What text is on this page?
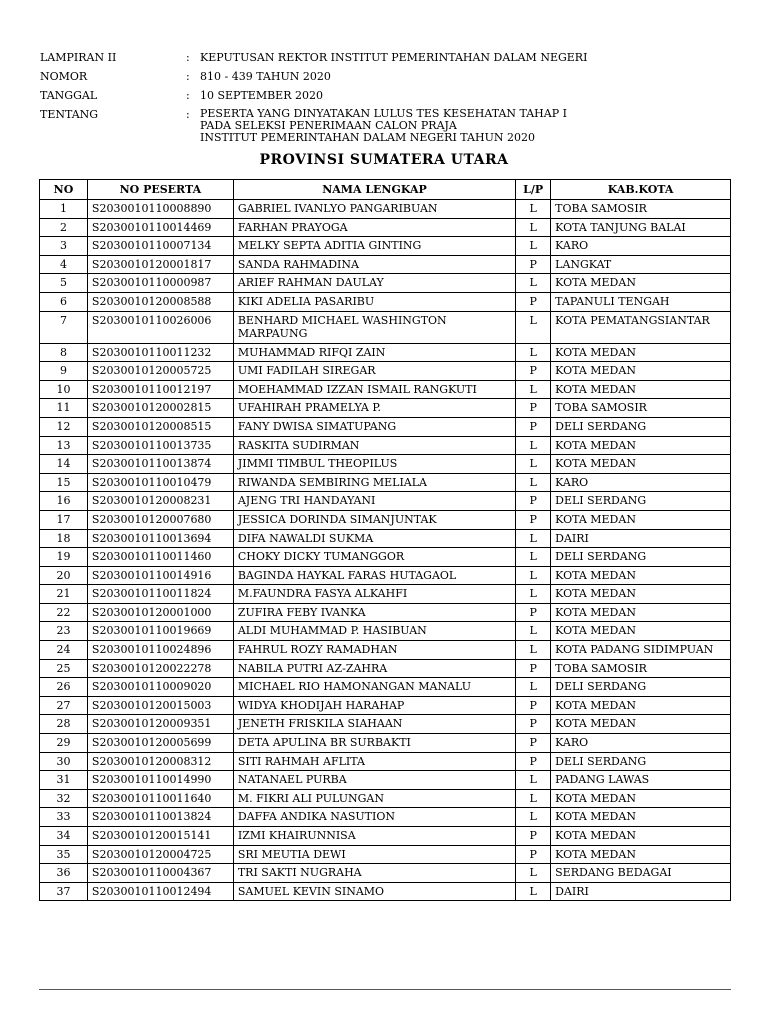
LAMPIRAN II	: KEPUTUSAN REKTOR INSTITUT PEMERINTAHAN DALAM NEGERI
NOMOR	: 810 - 439 TAHUN 2020
TANGGAL	: 10 SEPTEMBER 2020
TENTANG	: PESERTA YANG DINYATAKAN LULUS TES KESEHATAN TAHAP I
PADA SELEKSI PENERIMAAN CALON PRAJA
INSTITUT PEMERINTAHAN DALAM NEGERI TAHUN 2020
PROVINSI SUMATERA UTARA
NO	NO PESERTA	NAMA LENGKAP	L/P	KAB.KOTA
1	S2030010110008890	GABRIEL IVANLYO PANGARIBUAN	L	TOBA SAMOSIR
2	S2030010110014469	FARHAN PRAYOGA	L	KOTA TANJUNG BALAI
3	S2030010110007134	MELKY SEPTA ADITIA GINTING	L	KARO
4	S2030010120001817	SANDA RAHMADINA	P	LANGKAT
5	S2030010110000987	ARIEF RAHMAN DAULAY	L	KOTA MEDAN
6	S2030010120008588	KIKI ADELIA PASARIBU	P	TAPANULI TENGAH
7	S2030010110026006	BENHARD MICHAEL WASHINGTON MARPAUNG	L	KOTA PEMATANGSIANTAR
8	S2030010110011232	MUHAMMAD RIFQI ZAIN	L	KOTA MEDAN
9	S2030010120005725	UMI FADILAH SIREGAR	P	KOTA MEDAN
10	S2030010110012197	MOEHAMMAD IZZAN ISMAIL RANGKUTI	L	KOTA MEDAN
11	S2030010120002815	UFAHIRAH PRAMELYA P.	P	TOBA SAMOSIR
12	S2030010120008515	FANY DWISA SIMATUPANG	P	DELI SERDANG
13	S2030010110013735	RASKITA SUDIRMAN	L	KOTA MEDAN
14	S2030010110013874	JIMMI TIMBUL THEOPILUS	L	KOTA MEDAN
15	S2030010110010479	RIWANDA SEMBIRING MELIALA	L	KARO
16	S2030010120008231	AJENG TRI HANDAYANI	P	DELI SERDANG
17	S2030010120007680	JESSICA DORINDA SIMANJUNTAK	P	KOTA MEDAN
18	S2030010110013694	DIFA NAWALDI SUKMA	L	DAIRI
19	S2030010110011460	CHOKY DICKY TUMANGGOR	L	DELI SERDANG
20	S2030010110014916	BAGINDA HAYKAL FARAS HUTAGAOL	L	KOTA MEDAN
21	S2030010110011824	M.FAUNDRA FASYA ALKAHFI	L	KOTA MEDAN
22	S2030010120001000	ZUFIRA FEBY IVANKA	P	KOTA MEDAN
23	S2030010110019669	ALDI MUHAMMAD P. HASIBUAN	L	KOTA MEDAN
24	S2030010110024896	FAHRUL ROZY RAMADHAN	L	KOTA PADANG SIDIMPUAN
25	S2030010120022278	NABILA PUTRI AZ-ZAHRA	P	TOBA SAMOSIR
26	S2030010110009020	MICHAEL RIO HAMONANGAN MANALU	L	DELI SERDANG
27	S2030010120015003	WIDYA KHODIJAH HARAHAP	P	KOTA MEDAN
28	S2030010120009351	JENETH FRISKILA SIAHAAN	P	KOTA MEDAN
29	S2030010120005699	DETA APULINA BR SURBAKTI	P	KARO
30	S2030010120008312	SITI RAHMAH AFLITA	P	DELI SERDANG
31	S2030010110014990	NATANAEL PURBA	L	PADANG LAWAS
32	S2030010110011640	M. FIKRI ALI PULUNGAN	L	KOTA MEDAN
33	S2030010110013824	DAFFA ANDIKA NASUTION	L	KOTA MEDAN
34	S2030010120015141	IZMI KHAIRUNNISA	P	KOTA MEDAN
35	S2030010120004725	SRI MEUTIA DEWI	P	KOTA MEDAN
36	S2030010110004367	TRI SAKTI NUGRAHA	L	SERDANG BEDAGAI
37	S2030010110012494	SAMUEL KEVIN SINAMO	L	DAIRI
